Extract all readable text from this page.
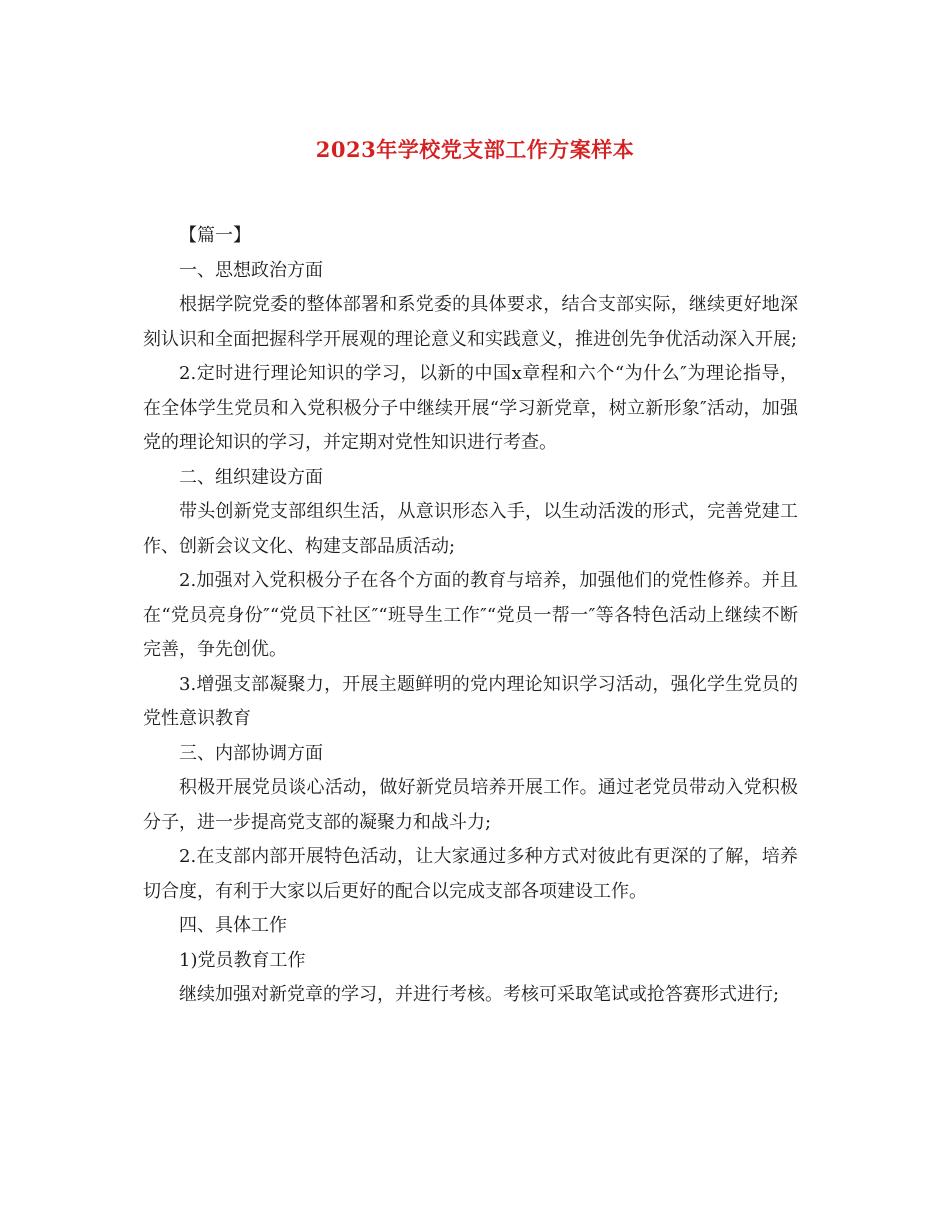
2023年学校党支部工作方案样本

【篇一】

一、思想政治方面

根据学院党委的整体部署和系党委的具体要求，结合支部实际，继续更好地深刻认识和全面把握科学开展观的理论意义和实践意义，推进创先争优活动深入开展;

2.定时进行理论知识的学习，以新的中国x章程和六个“为什么″为理论指导，在全体学生党员和入党积极分子中继续开展“学习新党章，树立新形象″活动，加强党的理论知识的学习，并定期对党性知识进行考查。

二、组织建设方面

带头创新党支部组织生活，从意识形态入手，以生动活泼的形式，完善党建工作、创新会议文化、构建支部品质活动;

2.加强对入党积极分子在各个方面的教育与培养，加强他们的党性修养。并且在“党员亮身份″“党员下社区″“班导生工作″“党员一帮一″等各特色活动上继续不断完善，争先创优。

3.增强支部凝聚力，开展主题鲜明的党内理论知识学习活动，强化学生党员的党性意识教育

三、内部协调方面

积极开展党员谈心活动，做好新党员培养开展工作。通过老党员带动入党积极分子，进一步提高党支部的凝聚力和战斗力;

2.在支部内部开展特色活动，让大家通过多种方式对彼此有更深的了解，培养切合度，有利于大家以后更好的配合以完成支部各项建设工作。

四、具体工作

1)党员教育工作

继续加强对新党章的学习，并进行考核。考核可采取笔试或抢答赛形式进行;
